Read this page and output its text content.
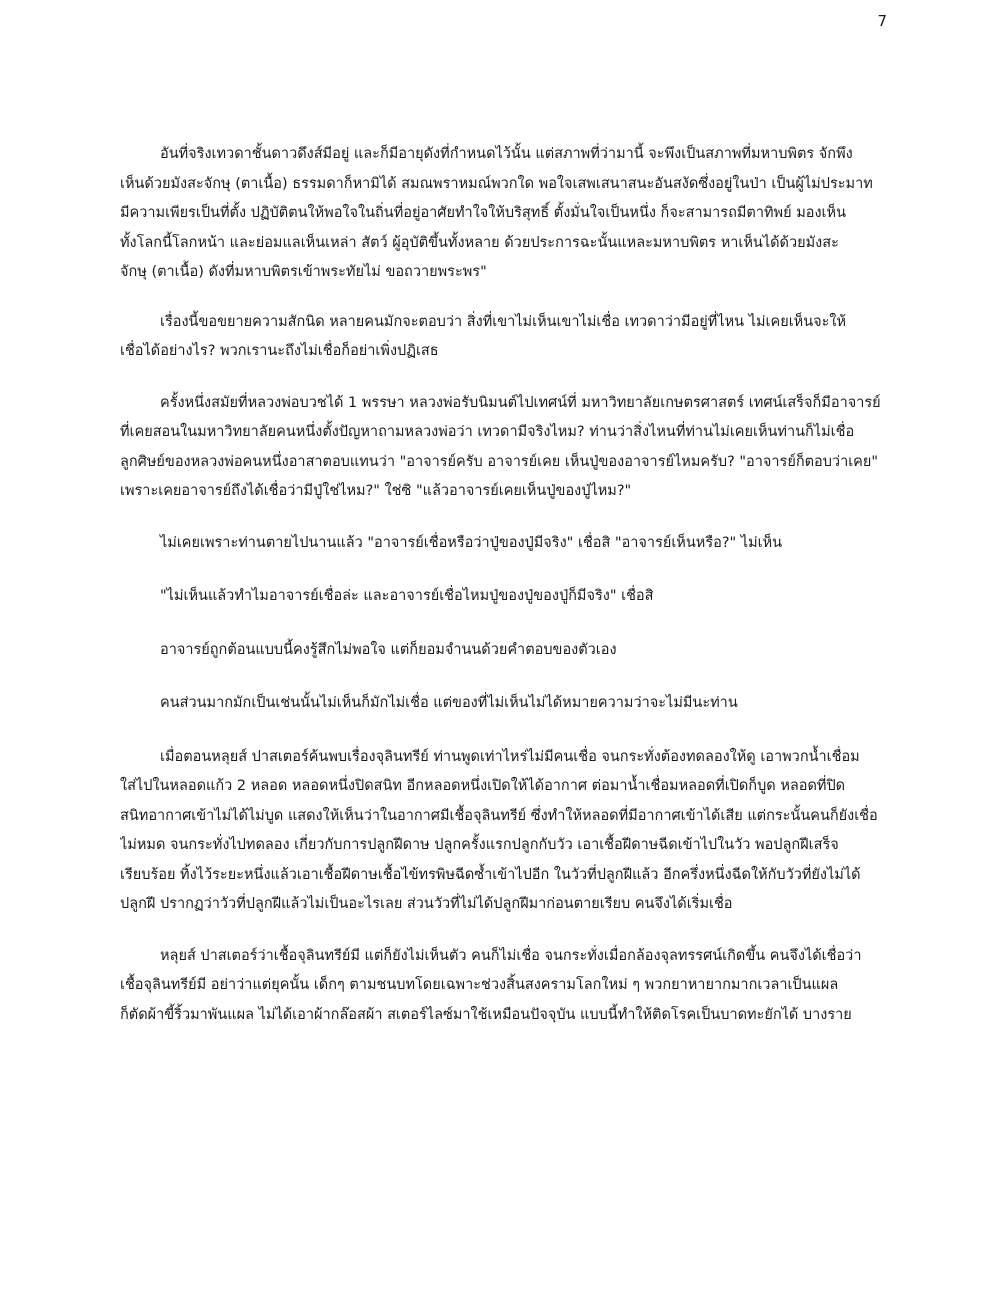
7

อันที่จริงเทวดาชั้นดาวดึงส์มีอยู่ และก็มีอายุดังที่กำหนดไว้นั้น แต่สภาพที่ว่ามานี้ จะพึงเป็นสภาพที่มหาบพิตร จักพึง
เห็นด้วยมังสะจักษุ (ตาเนื้อ) ธรรมดาก็หามิได้ สมณพราหมณ์พวกใด พอใจเสพเสนาสนะอันสงัดซึ่งอยู่ในป่า เป็นผู้ไม่ประมาท
มีความเพียรเป็นที่ตั้ง ปฏิบัติตนให้พอใจในถิ่นที่อยู่อาศัยทำใจให้บริสุทธิ์ ตั้งมั่นใจเป็นหนึ่ง ก็จะสามารถมีตาทิพย์ มองเห็น
ทั้งโลกนี้โลกหน้า และย่อมแลเห็นเหล่า สัตว์ ผู้อุบัติขึ้นทั้งหลาย ด้วยประการฉะนั้นแหละมหาบพิตร หาเห็นได้ด้วยมังสะ
จักษุ (ตาเนื้อ) ดังที่มหาบพิตรเข้าพระทัยไม่ ขอถวายพระพร"

เรื่องนี้ขอขยายความสักนิด หลายคนมักจะตอบว่า สิ่งที่เขาไม่เห็นเขาไม่เชื่อ เทวดาว่ามีอยู่ที่ไหน ไม่เคยเห็นจะให้
เชื่อได้อย่างไร? พวกเรานะถึงไม่เชื่อก็อย่าเพิ่งปฏิเสธ

ครั้งหนึ่งสมัยที่หลวงพ่อบวชได้ 1 พรรษา หลวงพ่อรับนิมนต์ไปเทศน์ที่ มหาวิทยาลัยเกษตรศาสตร์ เทศน์เสร็จก็มีอาจารย์
ที่เคยสอนในมหาวิทยาลัยคนหนึ่งตั้งปัญหาถามหลวงพ่อว่า เทวดามีจริงไหม? ท่านว่าสิ่งไหนที่ท่านไม่เคยเห็นท่านก็ไม่เชื่อ
ลูกศิษย์ของหลวงพ่อคนหนึ่งอาสาตอบแทนว่า "อาจารย์ครับ อาจารย์เคย เห็นปู่ของอาจารย์ไหมครับ? "อาจารย์ก็ตอบว่าเคย"
เพราะเคยอาจารย์ถึงได้เชื่อว่ามีปู่ใช่ไหม?" ใช่ซิ "แล้วอาจารย์เคยเห็นปู่ของปู่ไหม?"

ไม่เคยเพราะท่านตายไปนานแล้ว "อาจารย์เชื่อหรือว่าปู่ของปู่มีจริง" เชื่อสิ "อาจารย์เห็นหรือ?" ไม่เห็น

"ไม่เห็นแล้วทำไมอาจารย์เชื่อล่ะ และอาจารย์เชื่อไหมปู่ของปู่ของปู่ก็มีจริง" เชื่อสิ

อาจารย์ถูกต้อนแบบนี้คงรู้สึกไม่พอใจ แต่ก็ยอมจำนนด้วยคำตอบของตัวเอง

คนส่วนมากมักเป็นเช่นนั้นไม่เห็นก็มักไม่เชื่อ แต่ของที่ไม่เห็นไม่ได้หมายความว่าจะไม่มีนะท่าน

เมื่อตอนหลุยส์ ปาสเตอร์ค้นพบเรื่องจุลินทรีย์ ท่านพูดเท่าไหร่ไม่มีคนเชื่อ จนกระทั่งต้องทดลองให้ดู เอาพวกน้ำเชื่อม
ใส่ไปในหลอดแก้ว 2 หลอด หลอดหนึ่งปิดสนิท อีกหลอดหนึ่งเปิดให้ได้อากาศ ต่อมาน้ำเชื่อมหลอดที่เปิดก็บูด หลอดที่ปิด
สนิทอากาศเข้าไม่ได้ไม่บูด แสดงให้เห็นว่าในอากาศมีเชื้อจุลินทรีย์ ซึ่งทำให้หลอดที่มีอากาศเข้าได้เสีย แต่กระนั้นคนก็ยังเชื่อ
ไม่หมด จนกระทั่งไปทดลอง เกี่ยวกับการปลูกฝีดาษ ปลูกครั้งแรกปลูกกับวัว เอาเชื้อฝีดาษฉีดเข้าไปในวัว พอปลูกฝีเสร็จ
เรียบร้อย ทิ้งไว้ระยะหนึ่งแล้วเอาเชื้อฝีดาษเชื้อไข้ทรพิษฉีดซ้ำเข้าไปอีก ในวัวที่ปลูกฝีแล้ว อีกครึ่งหนึ่งฉีดให้กับวัวที่ยังไม่ได้
ปลูกฝี ปรากฏว่าวัวที่ปลูกฝีแล้วไม่เป็นอะไรเลย ส่วนวัวที่ไม่ได้ปลูกฝีมาก่อนตายเรียบ คนจึงได้เริ่มเชื่อ

หลุยส์ ปาสเตอร์ว่าเชื้อจุลินทรีย์มี แต่ก็ยังไม่เห็นตัว คนก็ไม่เชื่อ จนกระทั่งเมื่อกล้องจุลทรรศน์เกิดขึ้น คนจึงได้เชื่อว่า
เชื้อจุลินทรีย์มี อย่าว่าแต่ยุคนั้น เด็กๆ ตามชนบทโดยเฉพาะช่วงสิ้นสงครามโลกใหม่ ๆ พวกยาหายากมากเวลาเป็นแผล
ก็ตัดผ้าขี้ริ้วมาพันแผล ไม่ได้เอาผ้ากล๊อสผ้า สเตอร์ไลซ์มาใช้เหมือนปัจจุบัน แบบนี้ทำให้ติดโรคเป็นบาดทะยักได้ บางราย
